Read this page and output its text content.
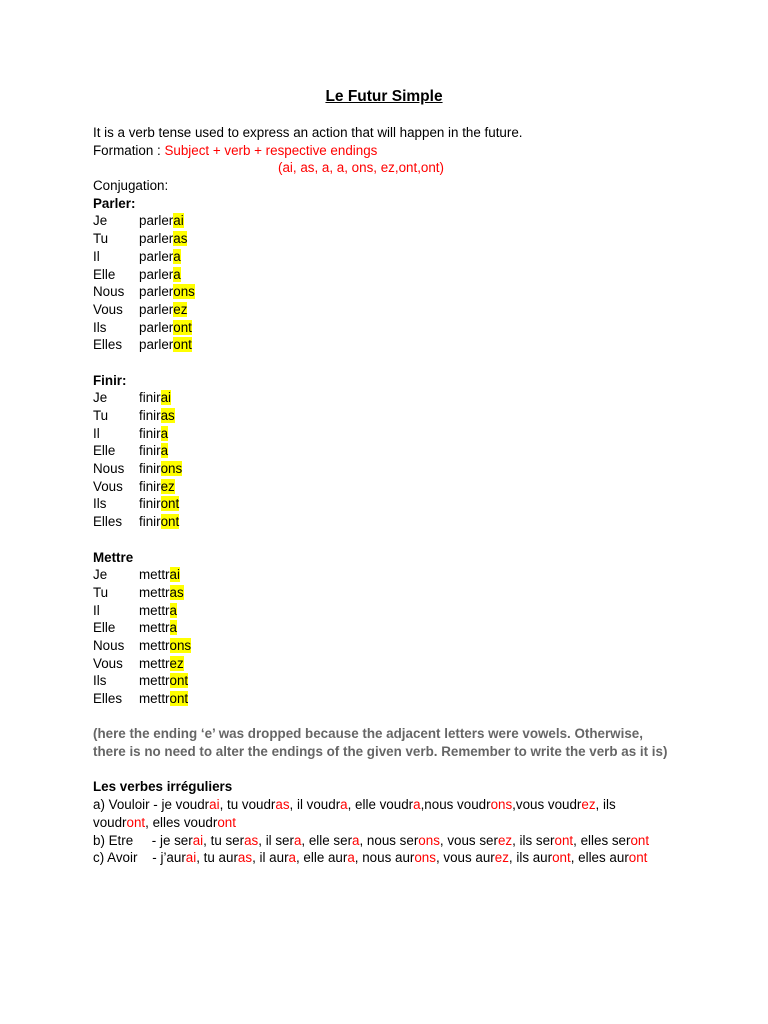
Le Futur Simple
It is a verb tense used to express an action that will happen in the future.
Formation : Subject + verb + respective endings
(ai, as, a, a, ons, ez,ont,ont)
Conjugation:
Parler:
Je parlerai
Tu parleras
Il	parlera
Elle parlera
Nous parlerons
Vous parlerez
Ils parleront
Elles parleront
Finir:
Je finirai
Tu finiras
Il	finira
Elle finira
Nous finirons
Vous finirez
Ils finiront
Elles finiront
Mettre
Je mettrai
Tu mettras
Il	mettra
Elle mettra
Nous mettrons
Vous mettrez
Ils mettront
Elles mettront
(here the ending ‘e’ was dropped because the adjacent letters were vowels. Otherwise, there is no need to alter the endings of the given verb. Remember to write the verb as it is)
Les verbes irréguliers
a) Vouloir - je voudrai, tu voudras, il voudra, elle voudra,nous voudrons,vous voudrez, ils voudront, elles voudront
b) Etre     - je serai, tu seras, il sera, elle sera, nous serons, vous serez, ils seront, elles seront
c) Avoir    - j’aurai, tu auras, il aura, elle aura, nous aurons, vous aurez, ils auront, elles auront
